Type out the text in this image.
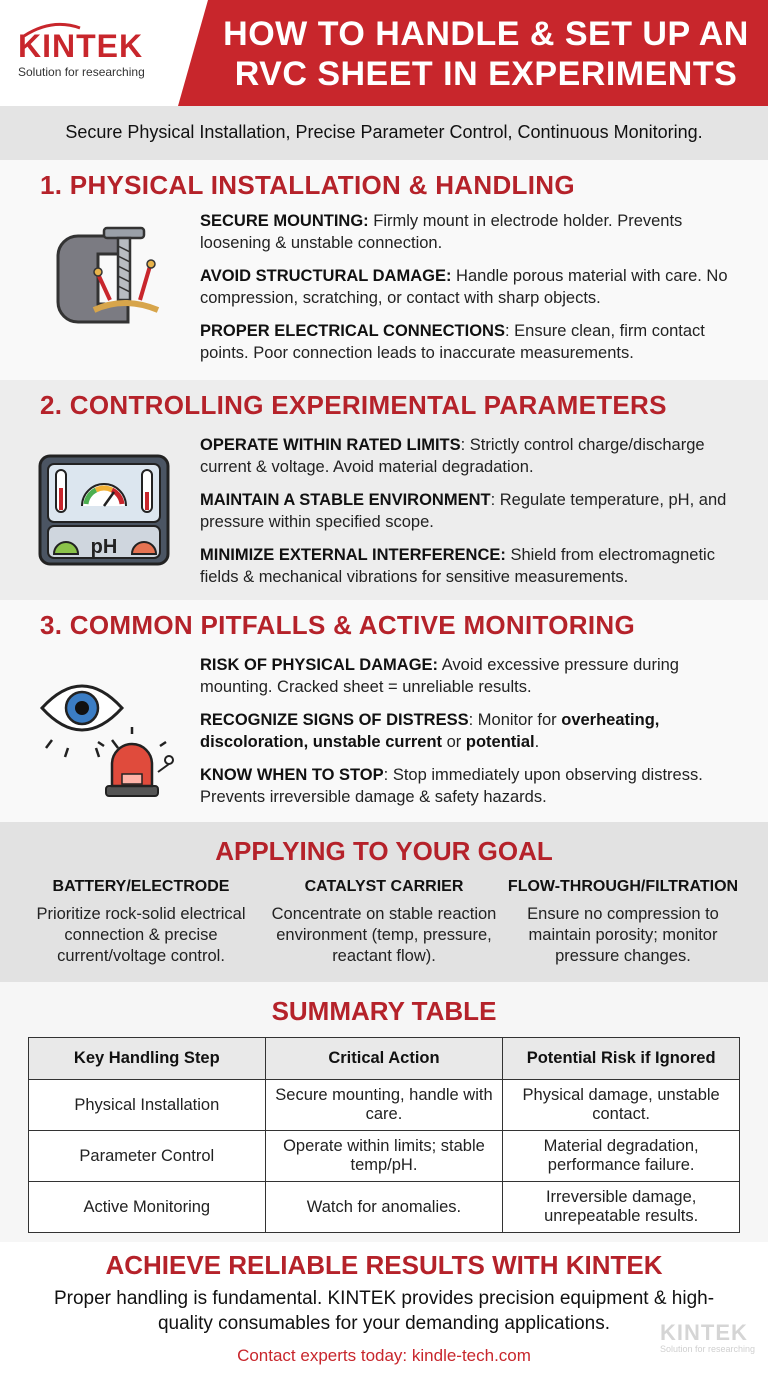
KINTEK
Solution for researching
HOW TO HANDLE & SET UP AN
RVC SHEET IN EXPERIMENTS
Secure Physical Installation, Precise Parameter Control, Continuous Monitoring.
1. PHYSICAL INSTALLATION & HANDLING
SECURE MOUNTING: Firmly mount in electrode holder. Prevents loosening & unstable connection.
AVOID STRUCTURAL DAMAGE: Handle porous material with care. No compression, scratching, or contact with sharp objects.
PROPER ELECTRICAL CONNECTIONS: Ensure clean, firm contact points. Poor connection leads to inaccurate measurements.
2. CONTROLLING EXPERIMENTAL PARAMETERS
pH
OPERATE WITHIN RATED LIMITS: Strictly control charge/discharge current & voltage. Avoid material degradation.
MAINTAIN A STABLE ENVIRONMENT: Regulate temperature, pH, and pressure within specified scope.
MINIMIZE EXTERNAL INTERFERENCE: Shield from electromagnetic fields & mechanical vibrations for sensitive measurements.
3. COMMON PITFALLS & ACTIVE MONITORING
RISK OF PHYSICAL DAMAGE: Avoid excessive pressure during mounting. Cracked sheet = unreliable results.
RECOGNIZE SIGNS OF DISTRESS: Monitor for overheating, discoloration, unstable current or potential.
KNOW WHEN TO STOP: Stop immediately upon observing distress. Prevents irreversible damage & safety hazards.
APPLYING TO YOUR GOAL
BATTERY/ELECTRODE
Prioritize rock-solid electrical connection & precise current/voltage control.
CATALYST CARRIER
Concentrate on stable reaction environment (temp, pressure, reactant flow).
FLOW-THROUGH/FILTRATION
Ensure no compression to maintain porosity; monitor pressure changes.
SUMMARY TABLE
Key Handling Step	Critical Action	Potential Risk if Ignored
Physical Installation	Secure mounting, handle with care.	Physical damage, unstable contact.
Parameter Control	Operate within limits; stable temp/pH.	Material degradation, performance failure.
Active Monitoring	Watch for anomalies.	Irreversible damage, unrepeatable results.
ACHIEVE RELIABLE RESULTS WITH KINTEK
Proper handling is fundamental. KINTEK provides precision equipment & high-quality consumables for your demanding applications.
Contact experts today: kindle-tech.com
KINTEK
Solution for researching
